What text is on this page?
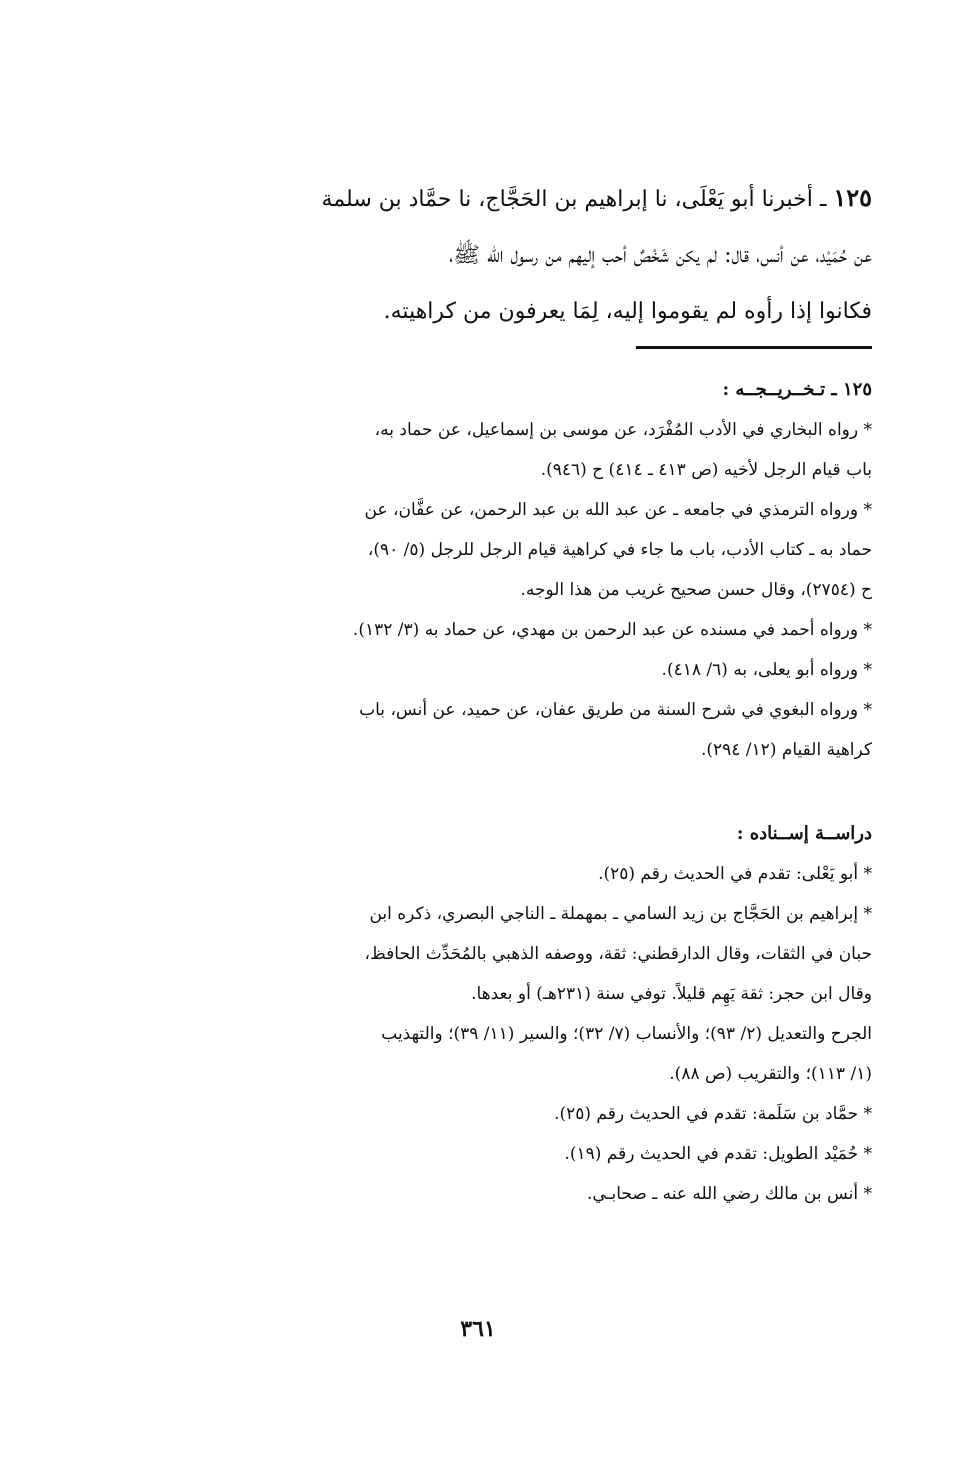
١٢٥ ـ أخبرنا أبو يَعْلَى، نا إبراهيم بن الحَجَّاج، نا حمَّاد بن سلمة
عن حُمَيْد، عن أنس، قال: لم يكن شَخْصٌ أحب إليهم من رسول الله ﷺ،
فكانوا إذا رأوه لم يقوموا إليه، لِمَا يعرفون من كراهيته.
١٢٥ ـ تـخــريــجــه :
* رواه البخاري في الأدب المُفْرَد، عن موسى بن إسماعيل، عن حماد به،
باب قيام الرجل لأخيه (ص ٤١٣ ـ ٤١٤) ح (٩٤٦).
* ورواه الترمذي في جامعه ـ عن عبد الله بن عبد الرحمن، عن عفَّان، عن
حماد به ـ كتاب الأدب، باب ما جاء في كراهية قيام الرجل للرجل (٥/ ٩٠)،
ح (٢٧٥٤)، وقال حسن صحيح غريب من هذا الوجه.
* ورواه أحمد في مسنده عن عبد الرحمن بن مهدي، عن حماد به (٣/ ١٣٢).
* ورواه أبو يعلى، به (٦/ ٤١٨).
* ورواه البغوي في شرح السنة من طريق عفان، عن حميد، عن أنس، باب
كراهية القيام (١٢/ ٢٩٤).
دراســة إســناده :
* أبو يَعْلى: تقدم في الحديث رقم (٢٥).
* إبراهيم بن الحَجَّاج بن زيد السامي ـ بمهملة ـ الناجي البصري، ذكره ابن
حبان في الثقات، وقال الدارقطني: ثقة، ووصفه الذهبي بالمُحَدِّث الحافظ،
وقال ابن حجر: ثقة يَهِم قليلاً. توفي سنة (٢٣١هـ) أو بعدها.
الجرح والتعديل (٢/ ٩٣)؛ والأنساب (٧/ ٣٢)؛ والسير (١١/ ٣٩)؛ والتهذيب
(١/ ١١٣)؛ والتقريب (ص ٨٨).
* حمَّاد بن سَلَمة: تقدم في الحديث رقم (٢٥).
* حُمَيْد الطويل: تقدم في الحديث رقم (١٩).
* أنس بن مالك رضي الله عنه ـ صحابـي.
٣٦١
